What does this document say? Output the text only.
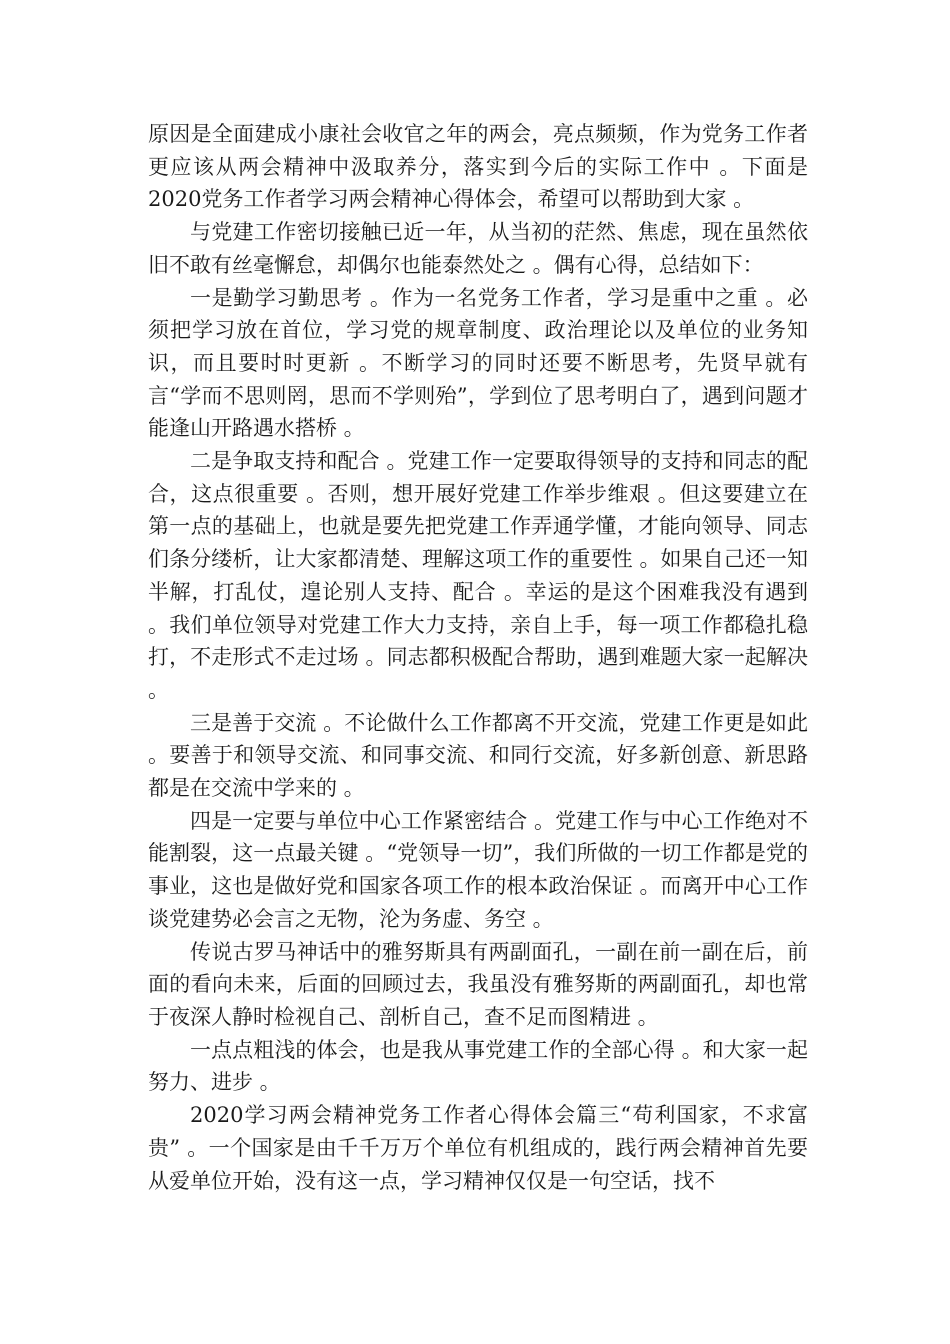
原因是全面建成小康社会收官之年的两会，亮点频频，作为党务工作者更应该从两会精神中汲取养分，落实到今后的实际工作中 。下面是2020党务工作者学习两会精神心得体会，希望可以帮助到大家 。

与党建工作密切接触已近一年，从当初的茫然、焦虑，现在虽然依旧不敢有丝毫懈怠，却偶尔也能泰然处之 。偶有心得，总结如下：

一是勤学习勤思考 。作为一名党务工作者，学习是重中之重 。必须把学习放在首位，学习党的规章制度、政治理论以及单位的业务知识，而且要时时更新 。不断学习的同时还要不断思考，先贤早就有言“学而不思则罔，思而不学则殆”，学到位了思考明白了，遇到问题才能逢山开路遇水搭桥 。

二是争取支持和配合 。党建工作一定要取得领导的支持和同志的配合，这点很重要 。否则，想开展好党建工作举步维艰 。但这要建立在第一点的基础上，也就是要先把党建工作弄通学懂，才能向领导、同志们条分缕析，让大家都清楚、理解这项工作的重要性 。如果自己还一知半解，打乱仗，遑论别人支持、配合 。幸运的是这个困难我没有遇到 。我们单位领导对党建工作大力支持，亲自上手，每一项工作都稳扎稳打，不走形式不走过场 。同志都积极配合帮助，遇到难题大家一起解决 。

三是善于交流 。不论做什么工作都离不开交流，党建工作更是如此 。要善于和领导交流、和同事交流、和同行交流，好多新创意、新思路都是在交流中学来的 。

四是一定要与单位中心工作紧密结合 。党建工作与中心工作绝对不能割裂，这一点最关键 。“党领导一切”，我们所做的一切工作都是党的事业，这也是做好党和国家各项工作的根本政治保证 。而离开中心工作谈党建势必会言之无物，沦为务虚、务空 。

传说古罗马神话中的雅努斯具有两副面孔，一副在前一副在后，前面的看向未来，后面的回顾过去，我虽没有雅努斯的两副面孔，却也常于夜深人静时检视自己、剖析自己，查不足而图精进 。

一点点粗浅的体会，也是我从事党建工作的全部心得 。和大家一起努力、进步 。

2020学习两会精神党务工作者心得体会篇三“苟利国家，不求富贵” 。一个国家是由千千万万个单位有机组成的，践行两会精神首先要从爱单位开始，没有这一点，学习精神仅仅是一句空话，找不
